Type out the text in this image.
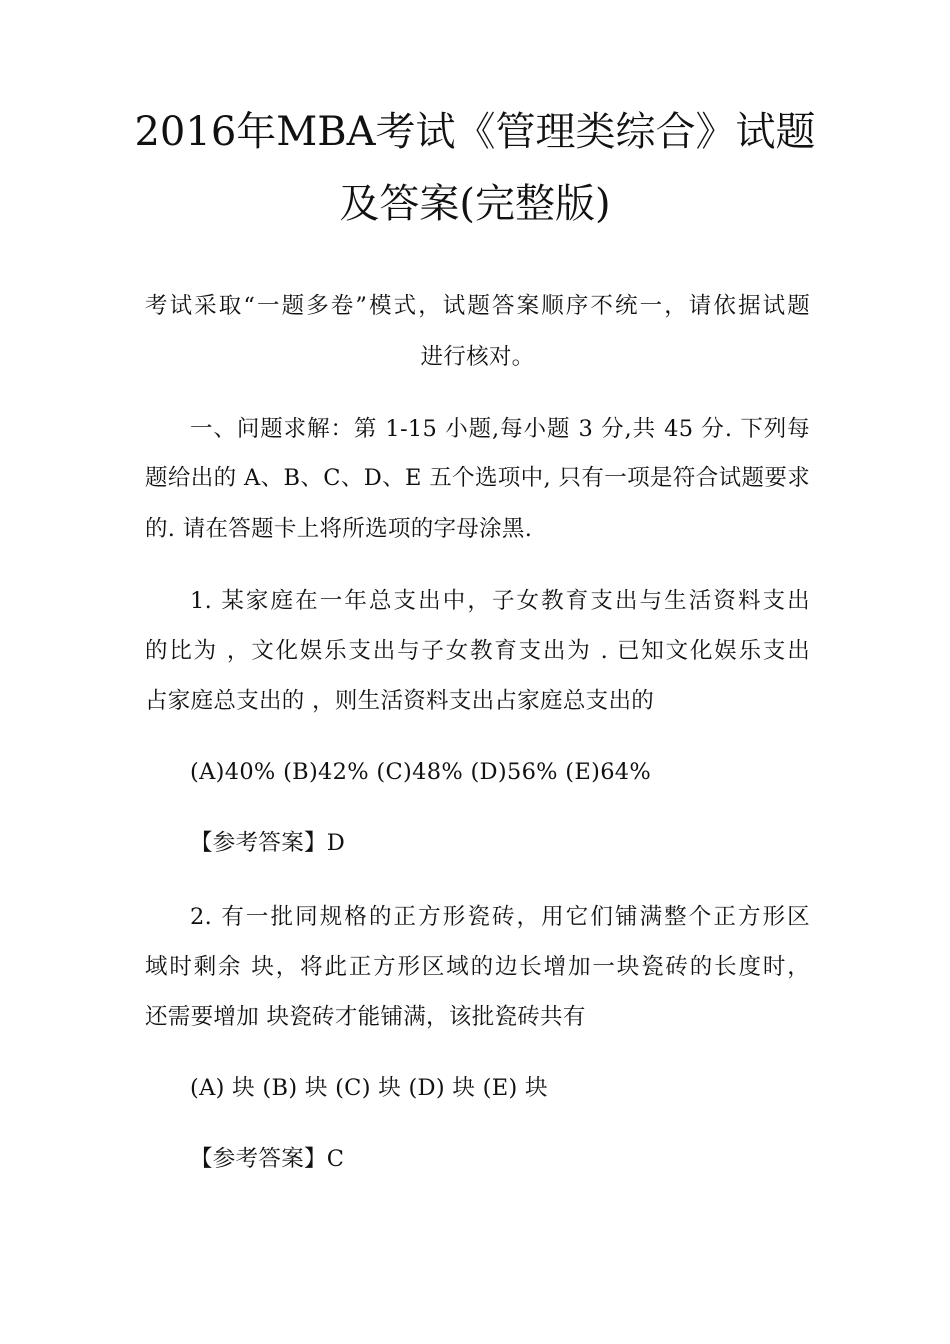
2016年MBA考试《管理类综合》试题
及答案(完整版)
考试采取“一题多卷”模式，试题答案顺序不统一，请依据试题
进行核对。
一、问题求解：第 1-15 小题,每小题 3 分,共 45 分. 下列每
题给出的 A、B、C、D、E 五个选项中, 只有一项是符合试题要求
的. 请在答题卡上将所选项的字母涂黑.
1. 某家庭在一年总支出中，子女教育支出与生活资料支出
的比为 ，文化娱乐支出与子女教育支出为 . 已知文化娱乐支出
占家庭总支出的 ，则生活资料支出占家庭总支出的
(A)40% (B)42% (C)48% (D)56% (E)64%
【参考答案】D
2. 有一批同规格的正方形瓷砖，用它们铺满整个正方形区
域时剩余 块，将此正方形区域的边长增加一块瓷砖的长度时，
还需要增加 块瓷砖才能铺满，该批瓷砖共有
(A) 块 (B) 块 (C) 块 (D) 块 (E) 块
【参考答案】C
